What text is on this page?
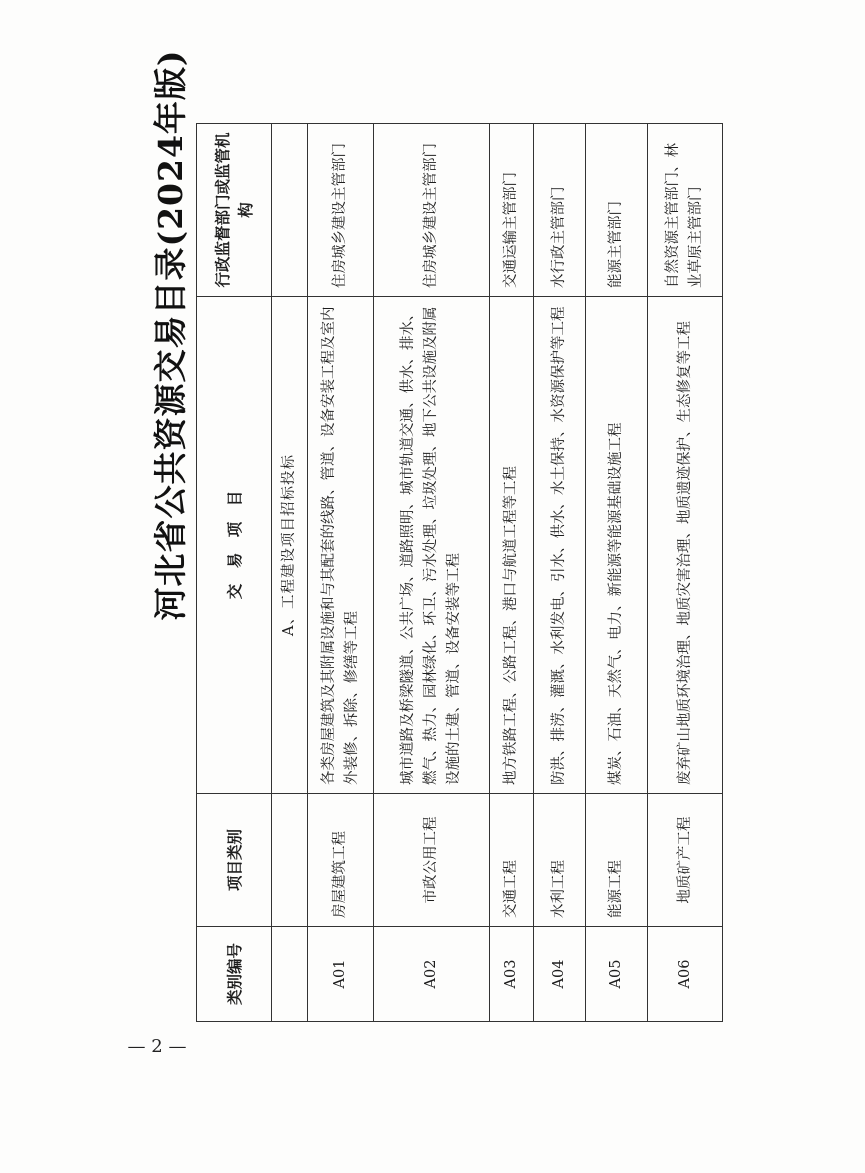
河北省公共资源交易目录(2024年版)
类别编号	项目类别	交　易　项　目	行政监督部门或监管机构
		A、工程建设项目招标投标	
A01	房屋建筑工程	各类房屋建筑及其附属设施和与其配套的线路、管道、设备安装工程及室内外装修、拆除、修缮等工程	住房城乡建设主管部门
A02	市政公用工程	城市道路及桥梁隧道、公共广场、道路照明、城市轨道交通、供水、排水、燃气、热力、园林绿化、环卫、污水处理、垃圾处理、地下公共设施及附属设施的土建、管道、设备安装等工程	住房城乡建设主管部门
A03	交通工程	地方铁路工程、公路工程、港口与航道工程等工程	交通运输主管部门
A04	水利工程	防洪、排涝、灌溉、水利发电、引水、供水、水土保持、水资源保护等工程	水行政主管部门
A05	能源工程	煤炭、石油、天然气、电力、新能源等能源基础设施工程	能源主管部门
A06	地质矿产工程	废弃矿山地质环境治理、地质灾害治理、地质遗迹保护、生态修复等工程	自然资源主管部门、林业草原主管部门
— 2 —
